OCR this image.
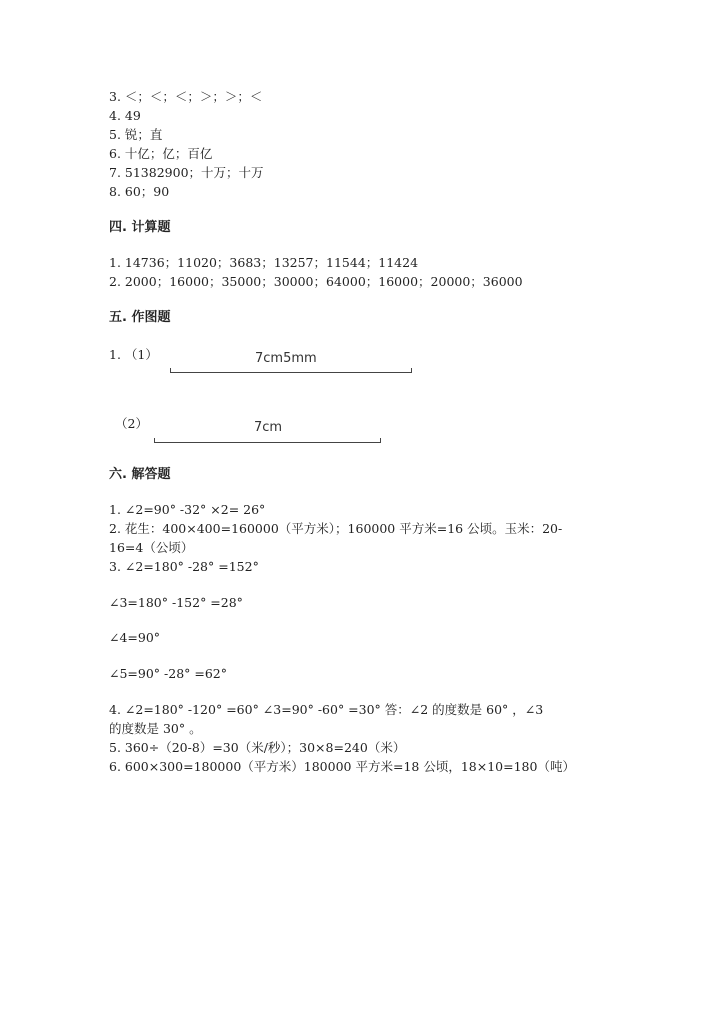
3. ＜；＜；＜；＞；＞；＜
4. 49
5. 锐；直
6. 十亿；亿；百亿
7. 51382900；十万；十万
8. 60；90
四. 计算题
1. 14736；11020；3683；13257；11544；11424
2. 2000；16000；35000；30000；64000；16000；20000；36000
五. 作图题
1. （1）	7cm5mm
（2）	7cm
六. 解答题
1. ∠2=90° -32° ×2= 26°
2. 花生：400×400=160000（平方米）；160000 平方米=16 公顷。玉米：20-
16=4（公顷）
3. ∠2=180° -28° =152°
∠3=180° -152° =28°
∠4=90°
∠5=90° -28° =62°
4. ∠2=180° -120° =60° ∠3=90° -60° =30° 答：∠2 的度数是 60° ，∠3
的度数是 30° 。
5. 360÷（20-8）=30（米/秒）；30×8=240（米）
6. 600×300=180000（平方米）180000 平方米=18 公顷，18×10=180（吨）
